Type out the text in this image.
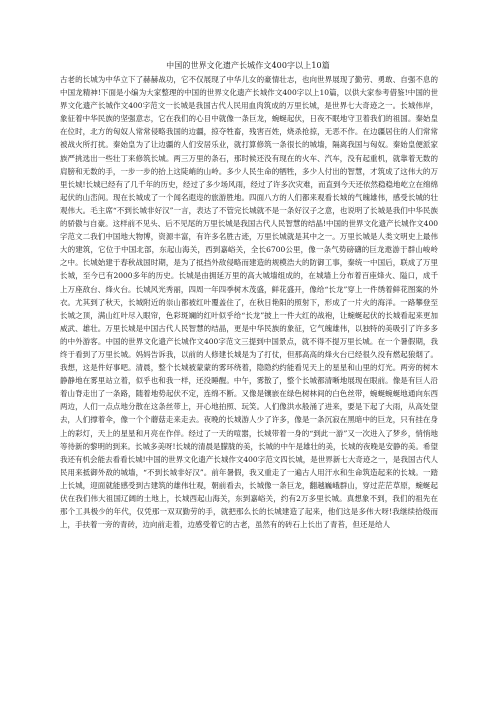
中国的世界文化遗产长城作文400字以上10篇

古老的长城为中华立下了赫赫战功，它不仅展现了中华儿女的豪情壮志，也向世界展现了勤劳、勇敢、自强不息的中国龙精神!下面是小编为大家整理的中国的世界文化遗产长城作文400字以上10篇，以供大家参考借鉴!中国的世界文化遗产长城作文400字范文一长城是我国古代人民用血肉筑成的万里长城，是世界七大奇迹之一。长城伟岸，象征着中华民族的坚强意志，它在我们的心目中就像一条巨龙，蜿蜒起伏，日夜不眠地守卫着我们的祖国。秦始皇在位时，北方的匈奴人常常侵略我国的边疆，掠夺牲畜，残害百姓，烧杀抢掠，无恶不作。在边疆居住的人们常常被战火所打扰。秦始皇为了让边疆的人们安居乐业，就打算修筑一条很长的城墙，隔离我国与匈奴。秦始皇便派家族严挑选出一些壮丁来修筑长城。两三万里的条石，那时候还没有现在的火车、汽车，没有起重机，就靠着无数的肩膀和无数的手，一步一步的抬上这陡峭的山岭。多少人民生命的牺牲，多少人付出的智慧，才筑成了这伟大的万里长城!长城已经有了几千年的历史，经过了多少场风雨，经过了许多次灾难，而直到今天还依然稳稳地屹立在绵绵起伏的山峦间。现在长城成了一个闻名遐迩的旅游胜地。四面八方的人们都来观看长城的气魄雄伟，感受长城的壮观伟大。毛主席“不到长城非好汉”一言，表达了不管完长城就不是一条好汉子之意，也说明了长城是我们中华民族的骄傲与自豪。这样前不见头、后不见尾的万里长城是我国古代人民智慧的结晶!中国的世界文化遗产长城作文400字范文二我们中国地大物博，资源丰富，有许多名胜古迹，万里长城就是其中之一。万里长城是人类文明史上最伟大的建筑，它位于中国北部，东起山海关，西到嘉峪关，全长6700公里，像一条气势磅礴的巨龙遨游于群山峻岭之中。长城始建于春秋战国时期，是为了抵挡外敌侵略而建造的规模浩大的防御工事，秦统一中国后，联成了万里长城，至今已有2000多年的历史。长城是由拥延万里的高大城墙组成的，在城墙上分布着百座烽火、隘口，成千上万座敌台、烽火台。长城风光秀丽，四周一年四季树木茂盛，鲜花盛开，像给“长龙”穿上一件绣着鲜花图案的外衣。尤其到了秋天，长城附近的崇山都被红叶覆盖住了，在秋日艳阳的照射下，形成了一片火的海洋。一路攀登至长城之顶，满山红叶尽入眼帘，色彩斑斓的红叶似乎给“长龙”披上一件大红的战袍，让蜿蜒起伏的长城看起来更加威武、雄壮。万里长城是中国古代人民智慧的结晶，更是中华民族的象征，它气魄雄伟，以独特的美吸引了许多多的中外游客。中国的世界文化遗产长城作文400字范文三提到中国景点，就不得不提万里长城。在一个暑假期，我终于看到了万里长城。妈妈告诉我，以前的人修建长城是为了打仗，但那高高的烽火台已经很久没有燃起狼烟了。我想，这是件好事吧。清晨，整个长城被蒙蒙的雾环绕着，隐隐约约能看见天上的星星和山里的灯光。两旁的树木静静地在雾里站立着，似乎也和我一样，还没睡醒。中午，雾散了，整个长城都清晰地展现在眼前。像是有巨人沿着山脊走出了一条路，随着地势起伏不定，连绵不断。又像是镶嵌在绿色树林间的白色丝带，蜿蜒蜿蜒地通向东西两边，人们一点点地分散在这条丝带上，开心地拍照、玩笑。人们像洪水般涌了进来，要是下起了大雨，从高处望去，人们撑着伞，像一个个蘑菇走来走去。夜晚的长城游人少了许多，像是一条沉寂在黑暗中的巨龙，只有挂在身上的彩灯，天上的星星和月亮在作伴。经过了一天的喧嚣，长城带着一身的“到此一游”又一次进入了梦乡，悄悄地等待新的黎明的到来。长城多美呀!长城的清晨是朦胧的美，长城的中午是雄壮的美，长城的夜晚是安静的美。希望我还有机会能去看看长城!中国的世界文化遗产长城作文400字范文四长城，是世界新七大奇迹之一，是我国古代人民用来抵御外敌的城墙，“不到长城非好汉”。前年暑假，我又重走了一遍古人用汗水和生命筑造起来的长城。一踏上长城，迎面就能感受到古建筑的雄伟壮观，朝前看去，长城像一条巨龙，翻越巍峨群山，穿过茫茫草原，蜿蜒起伏在我们伟大祖国辽阔的土地上，长城西起山海关，东到嘉峪关，约有2万多里长城。真想象不到，我们的祖先在那个工具极少的年代，仅凭那一双双勤劳的手，就把那么长的长城建造了起来，他们这是多伟大呀!我继续拾级而上，手扶着一旁的青砖，边向前走着，边感受着它的古老，虽然有的砖石上长出了青苔，但还是给人
